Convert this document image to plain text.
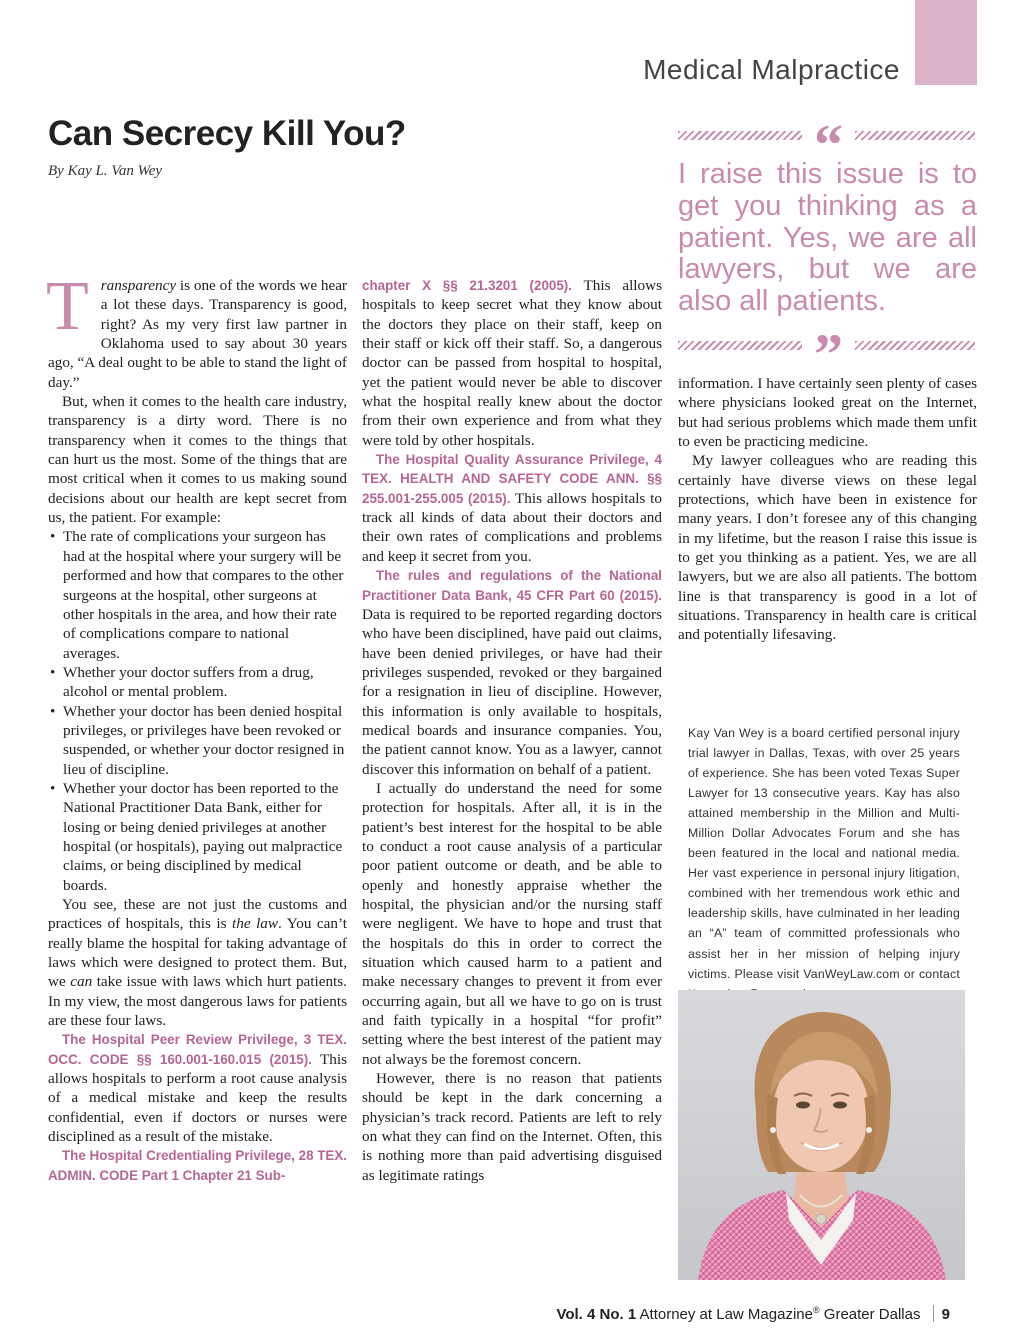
Medical Malpractice
Can Secrecy Kill You?
By Kay L. Van Wey

Transparency is one of the words we hear a lot these days. Transparency is good, right? As my very first law partner in Oklahoma used to say about 30 years ago, “A deal ought to be able to stand the light of day.”

But, when it comes to the health care industry, transparency is a dirty word. There is no transparency when it comes to the things that can hurt us the most. Some of the things that are most critical when it comes to us making sound decisions about our health are kept secret from us, the patient. For example:

• The rate of complications your surgeon has had at the hospital where your surgery will be performed and how that compares to the other surgeons at the hospital, other surgeons at other hospitals in the area, and how their rate of complications compare to national averages.
• Whether your doctor suffers from a drug, alcohol or mental problem.
• Whether your doctor has been denied hospital privileges, or privileges have been revoked or suspended, or whether your doctor resigned in lieu of discipline.
• Whether your doctor has been reported to the National Practitioner Data Bank, either for losing or being denied privileges at another hospital (or hospitals), paying out malpractice claims, or being disciplined by medical boards.

You see, these are not just the customs and practices of hospitals, this is the law. You can’t really blame the hospital for taking advantage of laws which were designed to protect them. But, we can take issue with laws which hurt patients. In my view, the most dangerous laws for patients are these four laws.

The Hospital Peer Review Privilege, 3 TEX. OCC. CODE §§ 160.001-160.015 (2015). This allows hospitals to perform a root cause analysis of a medical mistake and keep the results confidential, even if doctors or nurses were disciplined as a result of the mistake.

The Hospital Credentialing Privilege, 28 TEX. ADMIN. CODE Part 1 Chapter 21 Sub-

chapter X §§ 21.3201 (2005). This allows hospitals to keep secret what they know about the doctors they place on their staff, keep on their staff or kick off their staff. So, a dangerous doctor can be passed from hospital to hospital, yet the patient would never be able to discover what the hospital really knew about the doctor from their own experience and from what they were told by other hospitals.

The Hospital Quality Assurance Privilege, 4 TEX. HEALTH AND SAFETY CODE ANN. §§ 255.001-255.005 (2015). This allows hospitals to track all kinds of data about their doctors and their own rates of complications and problems and keep it secret from you.

The rules and regulations of the National Practitioner Data Bank, 45 CFR Part 60 (2015). Data is required to be reported regarding doctors who have been disciplined, have paid out claims, have been denied privileges, or have had their privileges suspended, revoked or they bargained for a resignation in lieu of discipline. However, this information is only available to hospitals, medical boards and insurance companies. You, the patient cannot know. You as a lawyer, cannot discover this information on behalf of a patient.

I actually do understand the need for some protection for hospitals. After all, it is in the patient’s best interest for the hospital to be able to conduct a root cause analysis of a particular poor patient outcome or death, and be able to openly and honestly appraise whether the hospital, the physician and/or the nursing staff were negligent. We have to hope and trust that the hospitals do this in order to correct the situation which caused harm to a patient and make necessary changes to prevent it from ever occurring again, but all we have to go on is trust and faith typically in a hospital “for profit” setting where the best interest of the patient may not always be the foremost concern.

However, there is no reason that patients should be kept in the dark concerning a physician’s track record. Patients are left to rely on what they can find on the Internet. Often, this is nothing more than paid advertising disguised as legitimate ratings

“
I raise this issue is to get you thinking as a patient. Yes, we are all lawyers, but we are also all patients.
”

information. I have certainly seen plenty of cases where physicians looked great on the Internet, but had serious problems which made them unfit to even be practicing medicine.

My lawyer colleagues who are reading this certainly have diverse views on these legal protections, which have been in existence for many years. I don’t foresee any of this changing in my lifetime, but the reason I raise this issue is to get you thinking as a patient. Yes, we are all lawyers, but we are also all patients. The bottom line is that transparency is good in a lot of situations. Transparency in health care is critical and potentially lifesaving.

Kay Van Wey is a board certified personal injury trial lawyer in Dallas, Texas, with over 25 years of experience. She has been voted Texas Super Lawyer for 13 consecutive years. Kay has also attained membership in the Million and Multi-Million Dollar Advocates Forum and she has been featured in the local and national media. Her vast experience in personal injury litigation, combined with her tremendous work ethic and leadership skills, have culminated in her leading an “A” team of committed professionals who assist her in her mission of helping injury victims. Please visit VanWeyLaw.com or contact
Vol. 4 No. 1 Attorney at Law Magazine® Greater Dallas 9
